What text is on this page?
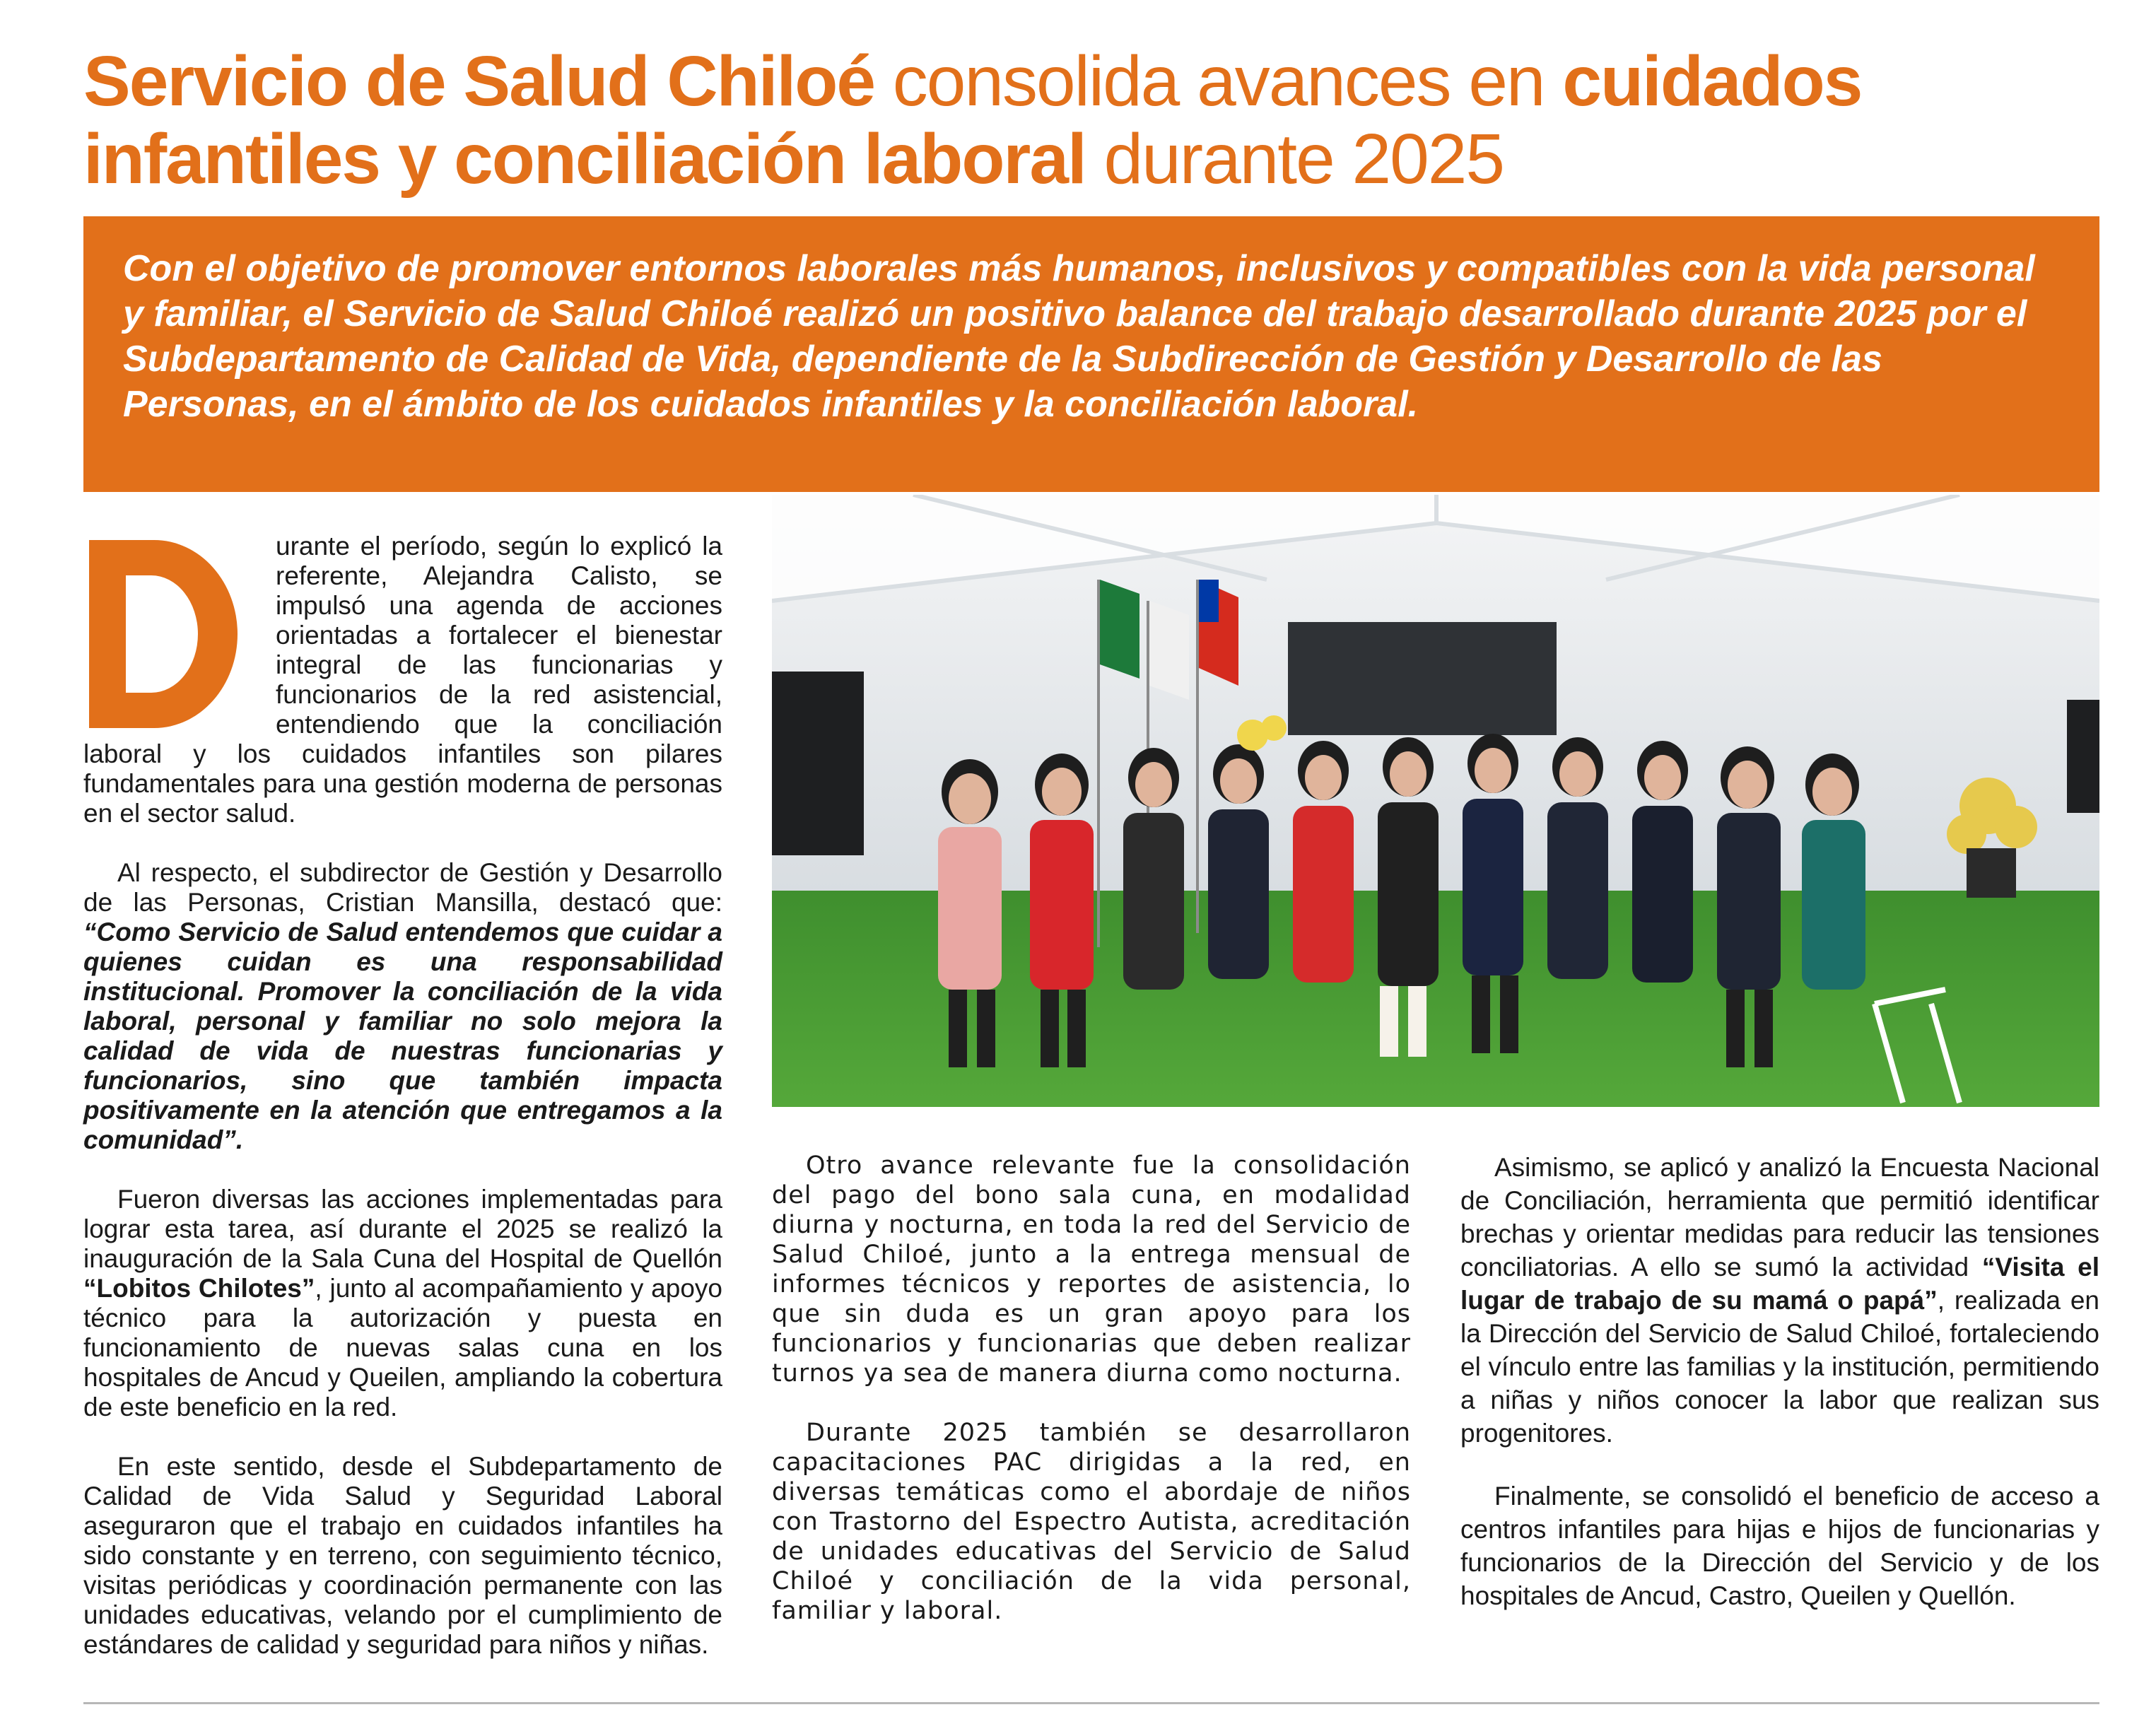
Servicio de Salud Chiloé consolida avances en cuidados infantiles y conciliación laboral durante 2025
Con el objetivo de promover entornos laborales más humanos, inclusivos y compatibles con la vida personal y familiar, el Servicio de Salud Chiloé realizó un positivo balance del trabajo desarrollado durante 2025 por el Subdepartamento de Calidad de Vida, dependiente de la Subdirección de Gestión y Desarrollo de las Personas, en el ámbito de los cuidados infantiles y la conciliación laboral.

urante el período, según lo explicó la referente, Alejandra Calisto, se impulsó una agenda de acciones orientadas a fortalecer el bienestar integral de las funcionarias y funcionarios de la red asistencial, entendiendo que la conciliación laboral y los cuidados infantiles son pilares fundamentales para una gestión moderna de personas en el sector salud.

Al respecto, el subdirector de Gestión y Desarrollo de las Personas, Cristian Mansilla, destacó que: “Como Servicio de Salud entendemos que cuidar a quienes cuidan es una responsabilidad institucional. Promover la conciliación de la vida laboral, personal y familiar no solo mejora la calidad de vida de nuestras funcionarias y funcionarios, sino que también impacta positivamente en la atención que entregamos a la comunidad”.

Fueron diversas las acciones implementadas para lograr esta tarea, así durante el 2025 se realizó la inauguración de la Sala Cuna del Hospital de Quellón “Lobitos Chilotes”, junto al acompañamiento y apoyo técnico para la autorización y puesta en funcionamiento de nuevas salas cuna en los hospitales de Ancud y Queilen, ampliando la cobertura de este beneficio en la red.

En este sentido, desde el Subdepartamento de Calidad de Vida Salud y Seguridad Laboral aseguraron que el trabajo en cuidados infantiles ha sido constante y en terreno, con seguimiento técnico, visitas periódicas y coordinación permanente con las unidades educativas, velando por el cumplimiento de estándares de calidad y seguridad para niños y niñas.

Otro avance relevante fue la consolidación del pago del bono sala cuna, en modalidad diurna y nocturna, en toda la red del Servicio de Salud Chiloé, junto a la entrega mensual de informes técnicos y reportes de asistencia, lo que sin duda es un gran apoyo para los funcionarios y funcionarias que deben realizar turnos ya sea de manera diurna como nocturna.

Durante 2025 también se desarrollaron capacitaciones PAC dirigidas a la red, en diversas temáticas como el abordaje de niños con Trastorno del Espectro Autista, acreditación de unidades educativas del Servicio de Salud Chiloé y conciliación de la vida personal, familiar y laboral.

Asimismo, se aplicó y analizó la Encuesta Nacional de Conciliación, herramienta que permitió identificar brechas y orientar medidas para reducir las tensiones conciliatorias. A ello se sumó la actividad “Visita el lugar de trabajo de su mamá o papá”, realizada en la Dirección del Servicio de Salud Chiloé, fortaleciendo el vínculo entre las familias y la institución, permitiendo a niñas y niños conocer la labor que realizan sus progenitores.

Finalmente, se consolidó el beneficio de acceso a centros infantiles para hijas e hijos de funcionarias y funcionarios de la Dirección del Servicio y de los hospitales de Ancud, Castro, Queilen y Quellón.
